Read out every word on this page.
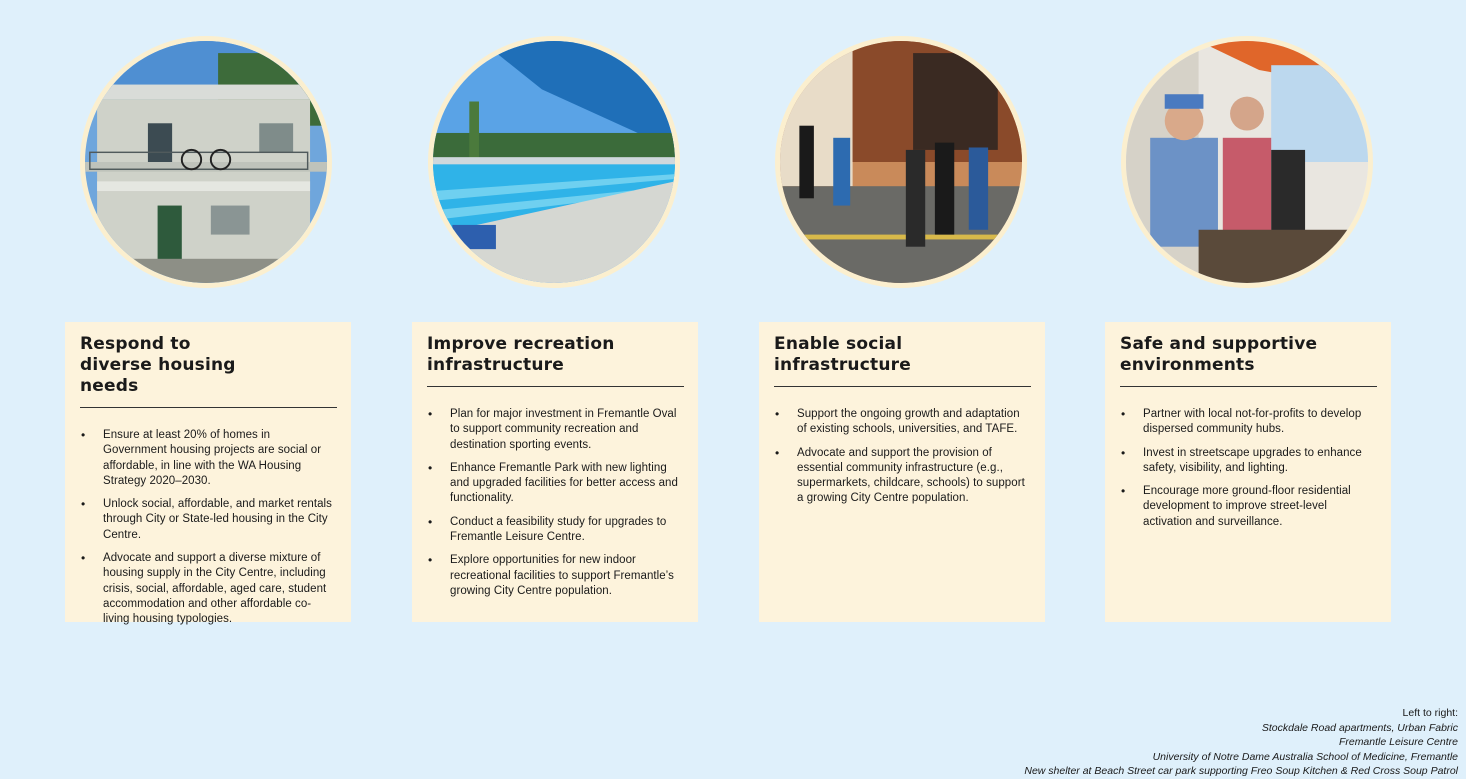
Respond to diverse housing needs
• Ensure at least 20% of homes in Government housing projects are social or affordable, in line with the WA Housing Strategy 2020–2030.
• Unlock social, affordable, and market rentals through City or State-led housing in the City Centre.
• Advocate and support a diverse mixture of housing supply in the City Centre, including crisis, social, affordable, aged care, student accommodation and other affordable co-living housing typologies.
Improve recreation infrastructure
• Plan for major investment in Fremantle Oval to support community recreation and destination sporting events.
• Enhance Fremantle Park with new lighting and upgraded facilities for better access and functionality.
• Conduct a feasibility study for upgrades to Fremantle Leisure Centre.
• Explore opportunities for new indoor recreational facilities to support Fremantle’s growing City Centre population.
Enable social infrastructure
• Support the ongoing growth and adaptation of existing schools, universities, and TAFE.
• Advocate and support the provision of essential community infrastructure (e.g., supermarkets, childcare, schools) to support a growing City Centre population.
Safe and supportive environments
• Partner with local not-for-profits to develop dispersed community hubs.
• Invest in streetscape upgrades to enhance safety, visibility, and lighting.
• Encourage more ground-floor residential development to improve street-level activation and surveillance.
Left to right:
Stockdale Road apartments, Urban Fabric
Fremantle Leisure Centre
University of Notre Dame Australia School of Medicine, Fremantle
New shelter at Beach Street car park supporting Freo Soup Kitchen & Red Cross Soup Patrol
